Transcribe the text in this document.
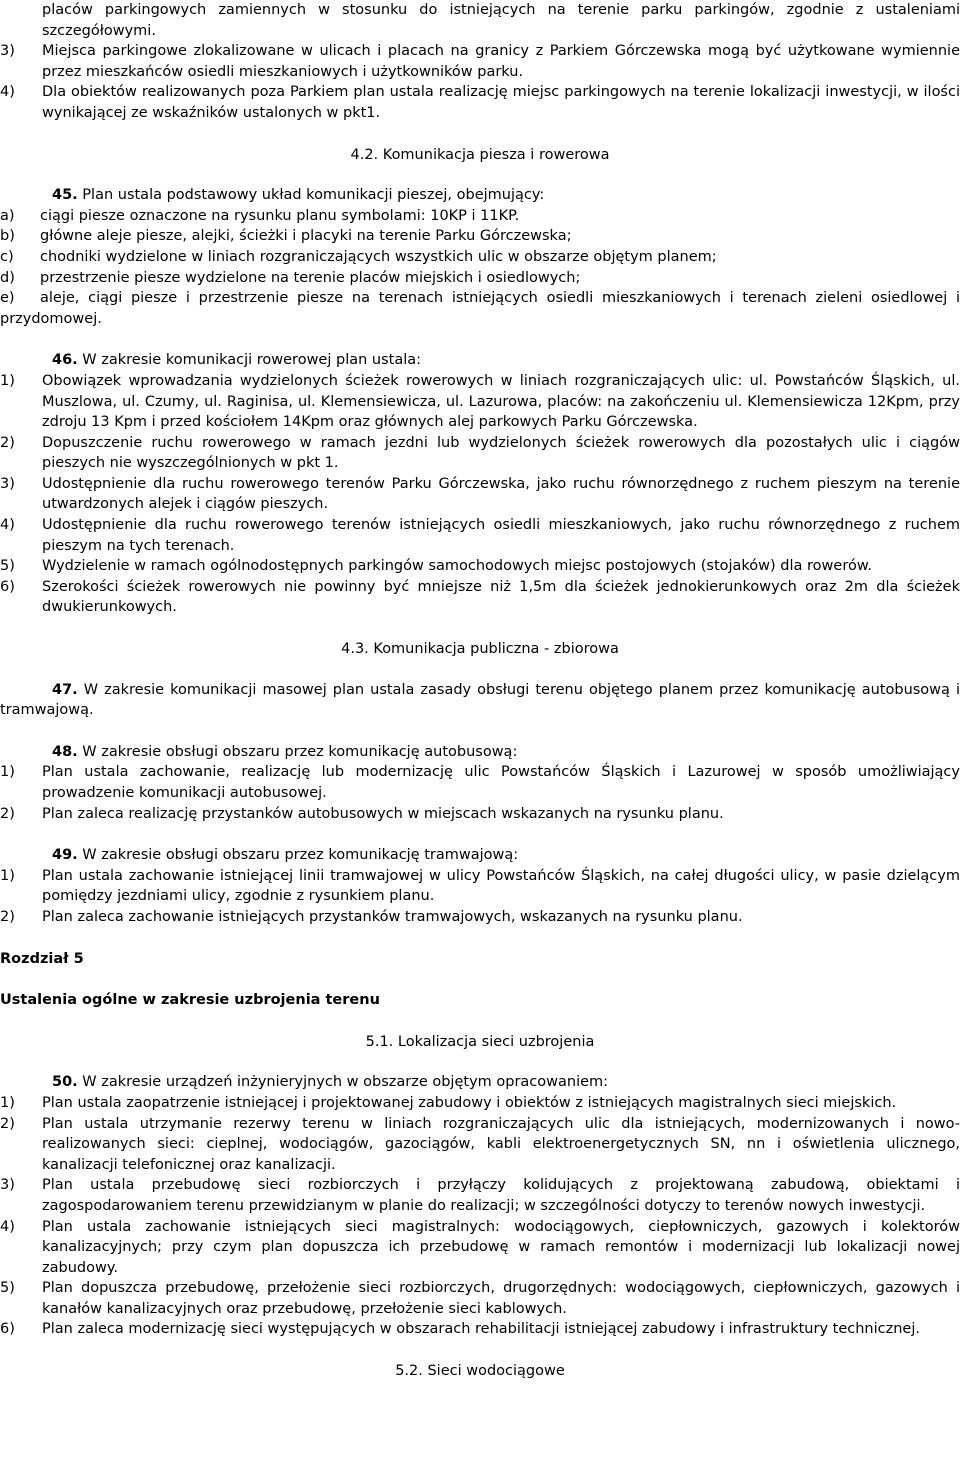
placów parkingowych zamiennych w stosunku do istniejących na terenie parku parkingów, zgodnie z ustaleniami szczegółowymi.

3)	Miejsca parkingowe zlokalizowane w ulicach i placach na granicy z Parkiem Górczewska mogą być użytkowane wymiennie przez mieszkańców osiedli mieszkaniowych i użytkowników parku.
4)	Dla obiektów realizowanych poza Parkiem plan ustala realizację miejsc parkingowych na terenie lokalizacji inwestycji, w ilości wynikającej ze wskaźników ustalonych w pkt1.

4.2. Komunikacja piesza i rowerowa

45. Plan ustala podstawowy układ komunikacji pieszej, obejmujący:

a)	ciągi piesze oznaczone na rysunku planu symbolami: 10KP i 11KP.
b)	główne aleje piesze, alejki, ścieżki i placyki na terenie Parku Górczewska;
c)	chodniki wydzielone w liniach rozgraniczających wszystkich ulic w obszarze objętym planem;
d)	przestrzenie piesze wydzielone na terenie placów miejskich i osiedlowych;

e) aleje, ciągi piesze i przestrzenie piesze na terenach istniejących osiedli mieszkaniowych i terenach zieleni osiedlowej i przydomowej.

46. W zakresie komunikacji rowerowej plan ustala:

1)	Obowiązek wprowadzania wydzielonych ścieżek rowerowych w liniach rozgraniczających ulic: ul. Powstańców Śląskich, ul. Muszlowa, ul. Czumy, ul. Raginisa, ul. Klemensiewicza, ul. Lazurowa, placów: na zakończeniu ul. Klemensiewicza 12Kpm, przy zdroju 13 Kpm i przed kościołem 14Kpm oraz głównych alej parkowych Parku Górczewska.
2)	Dopuszczenie ruchu rowerowego w ramach jezdni lub wydzielonych ścieżek rowerowych dla pozostałych ulic i ciągów pieszych nie wyszczególnionych w pkt 1.
3)	Udostępnienie dla ruchu rowerowego terenów Parku Górczewska, jako ruchu równorzędnego z ruchem pieszym na terenie utwardzonych alejek i ciągów pieszych.
4)	Udostępnienie dla ruchu rowerowego terenów istniejących osiedli mieszkaniowych, jako ruchu równorzędnego z ruchem pieszym na tych terenach.
5)	Wydzielenie w ramach ogólnodostępnych parkingów samochodowych miejsc postojowych (stojaków) dla rowerów.
6)	Szerokości ścieżek rowerowych nie powinny być mniejsze niż 1,5m dla ścieżek jednokierunkowych oraz 2m dla ścieżek dwukierunkowych.

4.3. Komunikacja publiczna - zbiorowa

47. W zakresie komunikacji masowej plan ustala zasady obsługi terenu objętego planem przez komunikację autobusową i tramwajową.

48. W zakresie obsługi obszaru przez komunikację autobusową:

1)	Plan ustala zachowanie, realizację lub modernizację ulic Powstańców Śląskich i Lazurowej w sposób umożliwiający prowadzenie komunikacji autobusowej.
2)	Plan zaleca realizację przystanków autobusowych w miejscach wskazanych na rysunku planu.

49. W zakresie obsługi obszaru przez komunikację tramwajową:

1)	Plan ustala zachowanie istniejącej linii tramwajowej w ulicy Powstańców Śląskich, na całej długości ulicy, w pasie dzielącym pomiędzy jezdniami ulicy, zgodnie z rysunkiem planu.
2)	Plan zaleca zachowanie istniejących przystanków tramwajowych, wskazanych na rysunku planu.

Rozdział 5

Ustalenia ogólne w zakresie uzbrojenia terenu

5.1. Lokalizacja sieci uzbrojenia

50. W zakresie urządzeń inżynieryjnych w obszarze objętym opracowaniem:

1)	Plan ustala zaopatrzenie istniejącej i projektowanej zabudowy i obiektów z istniejących magistralnych sieci miejskich.
2)	Plan ustala utrzymanie rezerwy terenu w liniach rozgraniczających ulic dla istniejących, modernizowanych i nowo-realizowanych sieci: cieplnej, wodociągów, gazociągów, kabli elektroenergetycznych SN, nn i oświetlenia ulicznego, kanalizacji telefonicznej oraz kanalizacji.
3)	Plan ustala przebudowę sieci rozbiorczych i przyłączy kolidujących z projektowaną zabudową, obiektami i zagospodarowaniem terenu przewidzianym w planie do realizacji; w szczególności dotyczy to terenów nowych inwestycji.
4)	Plan ustala zachowanie istniejących sieci magistralnych: wodociągowych, ciepłowniczych, gazowych i kolektorów kanalizacyjnych; przy czym plan dopuszcza ich przebudowę w ramach remontów i modernizacji lub lokalizacji nowej zabudowy.
5)	Plan dopuszcza przebudowę, przełożenie sieci rozbiorczych, drugorzędnych: wodociągowych, ciepłowniczych, gazowych i kanałów kanalizacyjnych oraz przebudowę, przełożenie sieci kablowych.
6)	Plan zaleca modernizację sieci występujących w obszarach rehabilitacji istniejącej zabudowy i infrastruktury technicznej.

5.2. Sieci wodociągowe
